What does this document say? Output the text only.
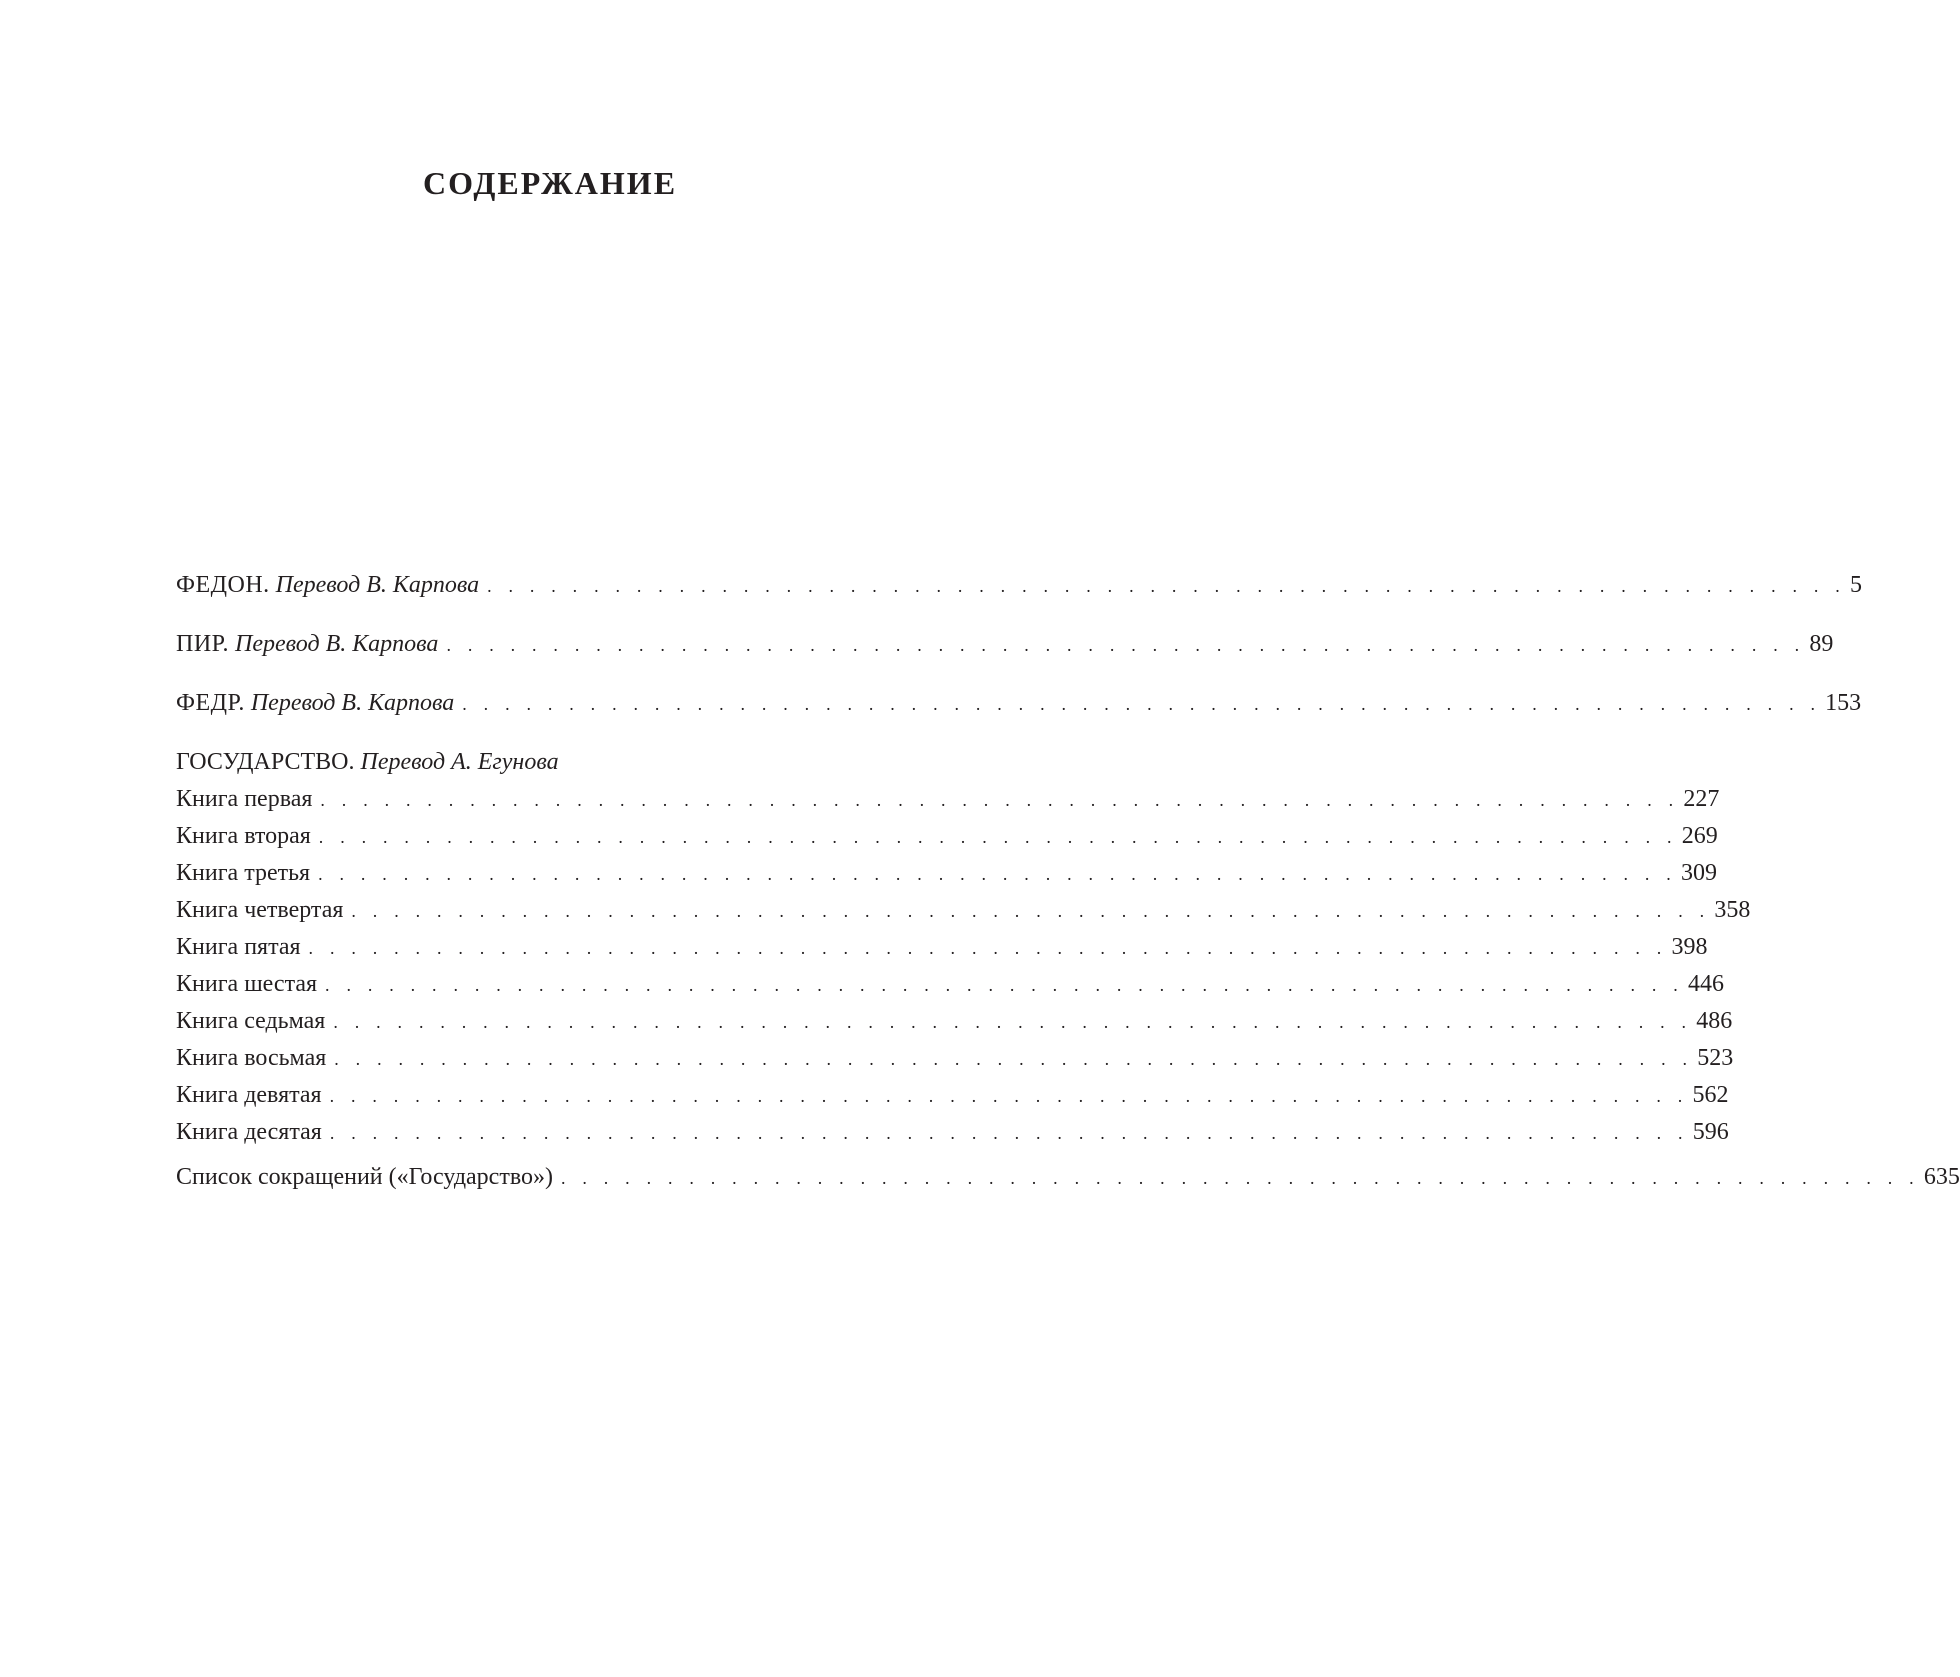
СОДЕРЖАНИЕ
ФЕДОН. Перевод В. Карпова . . . . . . . . . . . . . . . . . . . . . . . . . . . . . . . . . . . . . . . . . . . . . . . . . . . . . . . . . . . . . . . . 5
ПИР. Перевод В. Карпова . . . . . . . . . . . . . . . . . . . . . . . . . . . . . . . . . . . . . . . . . . . . . . . . . . . . . . . . . . . . . . . . 89
ФЕДР. Перевод В. Карпова . . . . . . . . . . . . . . . . . . . . . . . . . . . . . . . . . . . . . . . . . . . . . . . . . . . . . . . . . . . . . . . . 153
ГОСУДАРСТВО. Перевод А. Егунова
Книга первая . . . . . . . . . . . . . . . . . . . . . . . . . . . . . . . . . . . . . . . . . . . . . . . . . . . . . . . . . . . . . . . . 227
Книга вторая . . . . . . . . . . . . . . . . . . . . . . . . . . . . . . . . . . . . . . . . . . . . . . . . . . . . . . . . . . . . . . . . 269
Книга третья . . . . . . . . . . . . . . . . . . . . . . . . . . . . . . . . . . . . . . . . . . . . . . . . . . . . . . . . . . . . . . . . 309
Книга четвертая . . . . . . . . . . . . . . . . . . . . . . . . . . . . . . . . . . . . . . . . . . . . . . . . . . . . . . . . . . . . . . . . 358
Книга пятая . . . . . . . . . . . . . . . . . . . . . . . . . . . . . . . . . . . . . . . . . . . . . . . . . . . . . . . . . . . . . . . . 398
Книга шестая . . . . . . . . . . . . . . . . . . . . . . . . . . . . . . . . . . . . . . . . . . . . . . . . . . . . . . . . . . . . . . . . 446
Книга седьмая . . . . . . . . . . . . . . . . . . . . . . . . . . . . . . . . . . . . . . . . . . . . . . . . . . . . . . . . . . . . . . . . 486
Книга восьмая . . . . . . . . . . . . . . . . . . . . . . . . . . . . . . . . . . . . . . . . . . . . . . . . . . . . . . . . . . . . . . . . 523
Книга девятая . . . . . . . . . . . . . . . . . . . . . . . . . . . . . . . . . . . . . . . . . . . . . . . . . . . . . . . . . . . . . . . . 562
Книга десятая . . . . . . . . . . . . . . . . . . . . . . . . . . . . . . . . . . . . . . . . . . . . . . . . . . . . . . . . . . . . . . . . 596
Список сокращений («Государство») . . . . . . . . . . . . . . . . . . . . . . . . . . . . . . . . . . . . . . . . . . . . . . . . . . . . . . . . . . . . . . . . 635
